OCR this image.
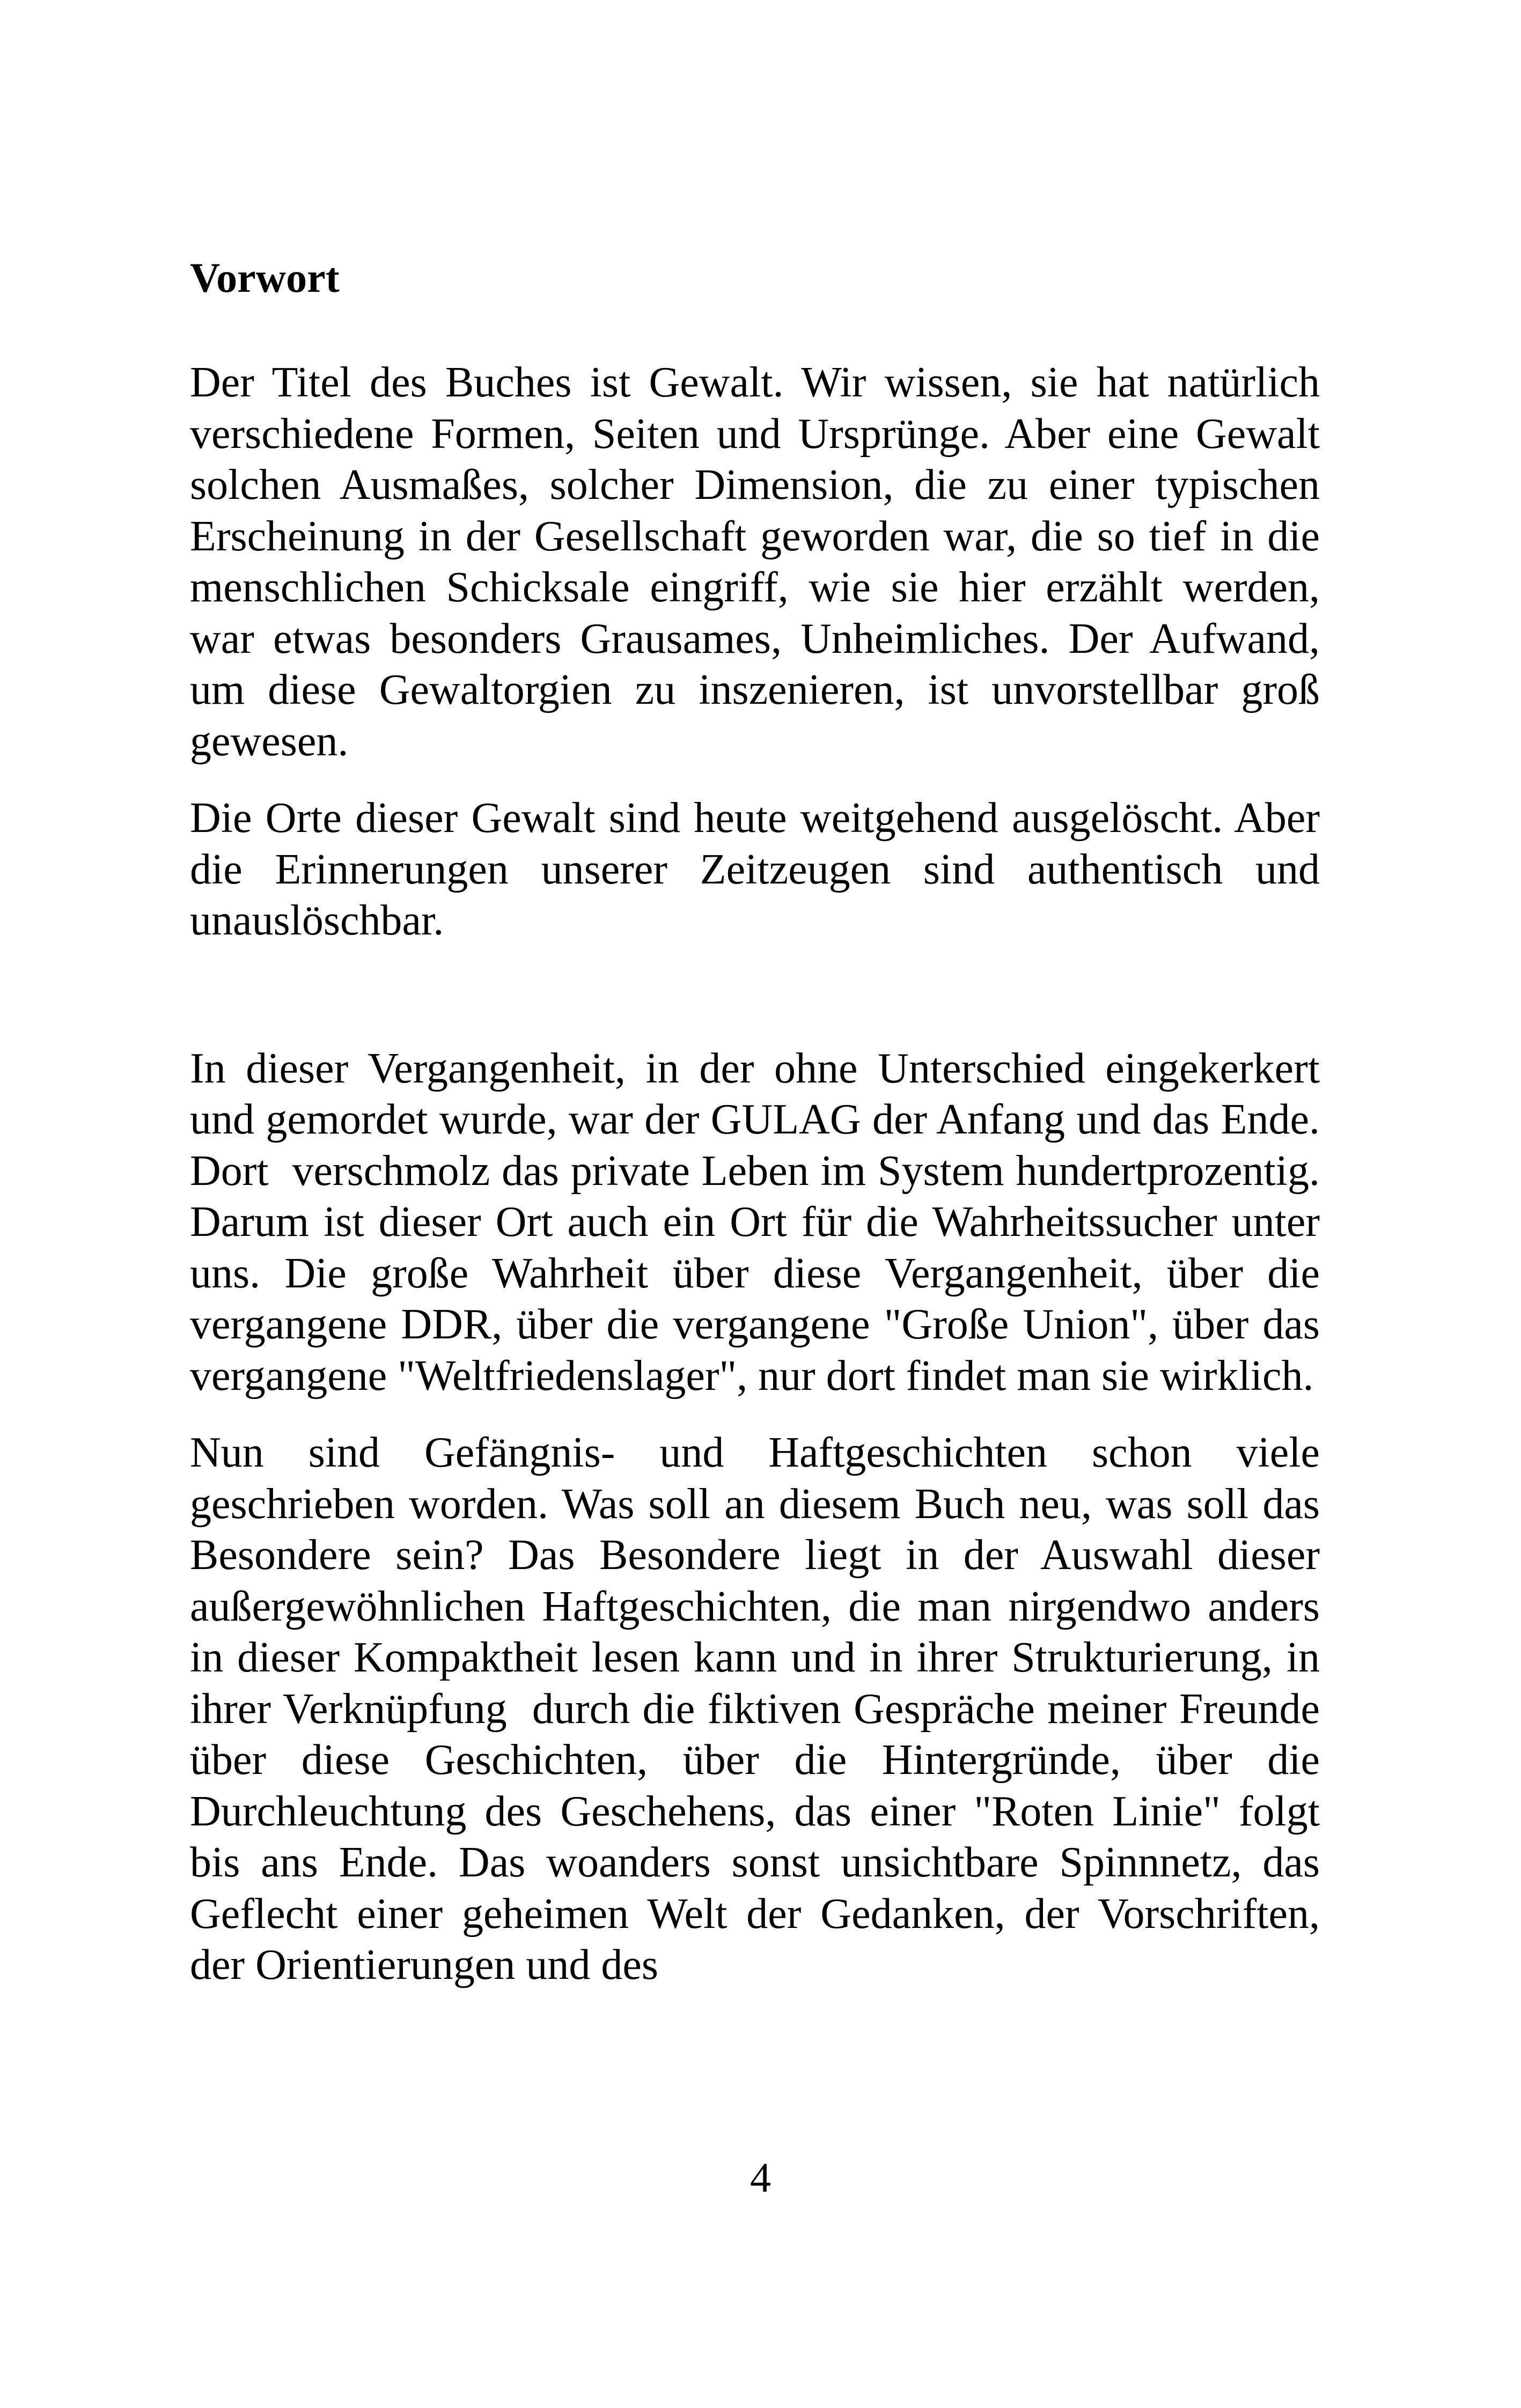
Vorwort

Der Titel des Buches ist Gewalt. Wir wissen, sie hat natürlich verschiedene Formen, Seiten und Ursprünge. Aber eine Gewalt solchen Ausmaßes, solcher Dimension, die zu einer typischen Erscheinung in der Gesellschaft geworden war, die so tief in die menschlichen Schicksale eingriff, wie sie hier erzählt werden, war etwas besonders Grausames, Unheimliches. Der Aufwand, um diese Gewaltorgien zu inszenieren, ist unvorstellbar groß gewesen.

Die Orte dieser Gewalt sind heute weitgehend ausgelöscht. Aber die Erinnerungen unserer Zeitzeugen sind authentisch und unauslöschbar.

In dieser Vergangenheit, in der ohne Unterschied eingekerkert und gemordet wurde, war der GULAG der Anfang und das Ende. Dort  verschmolz das private Leben im System hundertprozentig.  Darum ist dieser Ort auch ein Ort für die Wahrheitssucher unter uns. Die große Wahrheit über diese Vergangenheit, über die vergangene DDR, über die vergangene "Große Union", über das vergangene "Weltfriedenslager", nur dort findet man sie wirklich.

Nun sind Gefängnis- und Haftgeschichten schon viele geschrieben worden. Was soll an diesem Buch neu, was soll das  Besondere sein? Das Besondere liegt in der Auswahl dieser außergewöhnlichen Haftgeschichten, die man nirgendwo anders in dieser Kompaktheit lesen kann und in ihrer Strukturierung, in ihrer Verknüpfung  durch die fiktiven Gespräche meiner Freunde über diese Geschichten, über die Hintergründe, über die Durchleuchtung des Geschehens, das einer "Roten Linie" folgt bis ans Ende. Das woanders sonst unsichtbare Spinnnetz, das Geflecht einer geheimen Welt der Gedanken, der Vorschriften, der Orientierungen und des

4
